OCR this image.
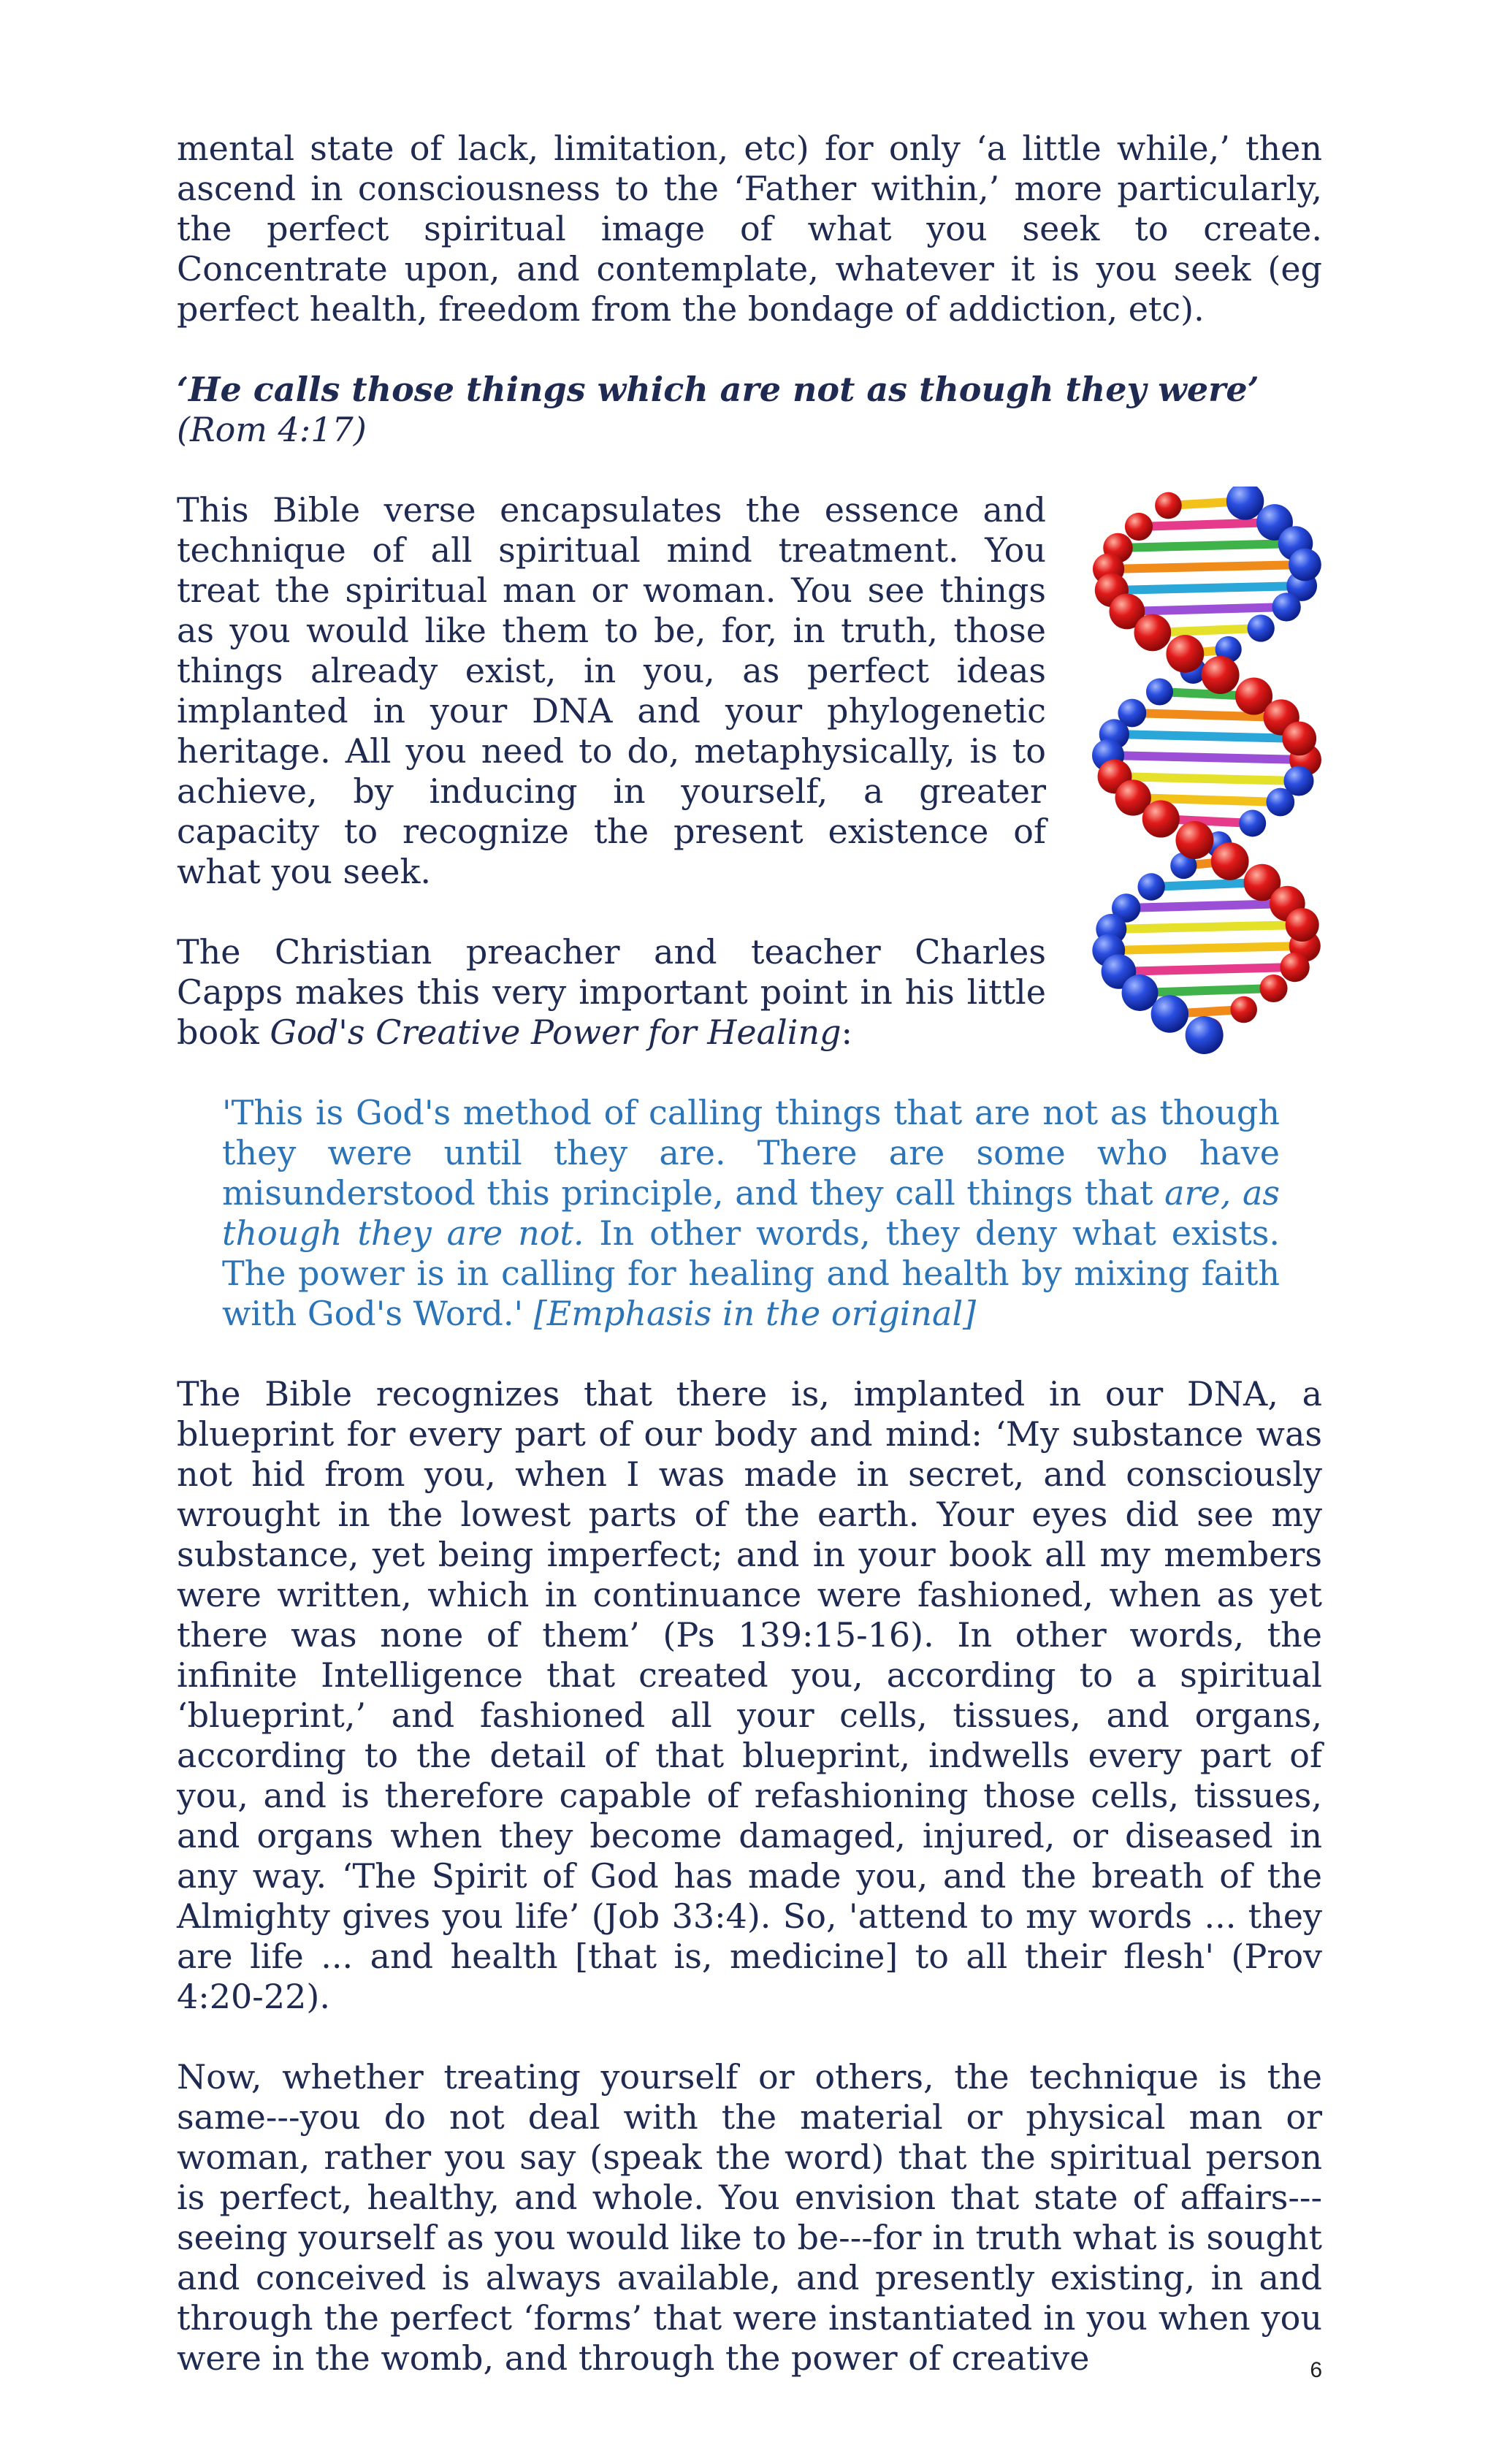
mental state of lack, limitation, etc) for only ‘a little while,’ then ascend in consciousness to the ‘Father within,’ more particularly, the perfect spiritual image of what you seek to create. Concentrate upon, and contemplate, whatever it is you seek (eg perfect health, freedom from the bondage of addiction, etc).

‘He calls those things which are not as though they were’ (Rom 4:17)

This Bible verse encapsulates the essence and technique of all spiritual mind treatment. You treat the spiritual man or woman. You see things as you would like them to be, for, in truth, those things already exist, in you, as perfect ideas implanted in your DNA and your phylogenetic heritage. All you need to do, metaphysically, is to achieve, by inducing in yourself, a greater capacity to recognize the present existence of what you seek.

The Christian preacher and teacher Charles Capps makes this very important point in his little book God's Creative Power for Healing:

'This is God's method of calling things that are not as though they were until they are. There are some who have misunderstood this principle, and they call things that are, as though they are not. In other words, they deny what exists. The power is in calling for healing and health by mixing faith with God's Word.' [Emphasis in the original]

The Bible recognizes that there is, implanted in our DNA, a blueprint for every part of our body and mind: ‘My substance was not hid from you, when I was made in secret, and consciously wrought in the lowest parts of the earth. Your eyes did see my substance, yet being imperfect; and in your book all my members were written, which in continuance were fashioned, when as yet there was none of them’ (Ps 139:15-16). In other words, the infinite Intelligence that created you, according to a spiritual ‘blueprint,’ and fashioned all your cells, tissues, and organs, according to the detail of that blueprint, indwells every part of you, and is therefore capable of refashioning those cells, tissues, and organs when they become damaged, injured, or diseased in any way. ‘The Spirit of God has made you, and the breath of the Almighty gives you life’ (Job 33:4). So, 'attend to my words ... they are life ... and health [that is, medicine] to all their flesh' (Prov 4:20-22).

Now, whether treating yourself or others, the technique is the same---you do not deal with the material or physical man or woman, rather you say (speak the word) that the spiritual person is perfect, healthy, and whole. You envision that state of affairs---seeing yourself as you would like to be---for in truth what is sought and conceived is always available, and presently existing, in and through the perfect ‘forms’ that were instantiated in you when you were in the womb, and through the power of creative	6
